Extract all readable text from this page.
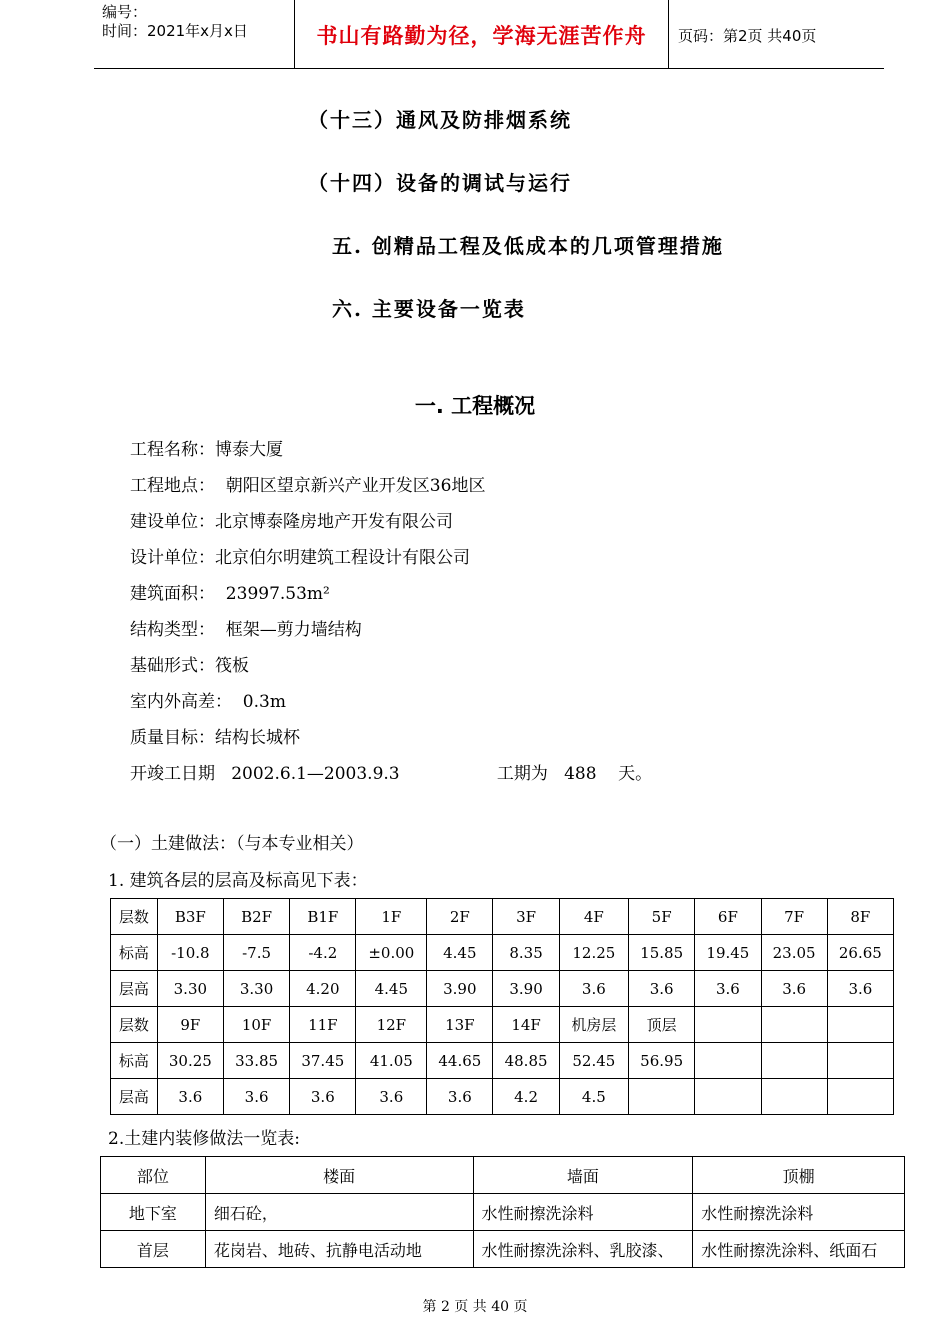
编号：
时间：2021年x月x日	书山有路勤为径，学海无涯苦作舟	页码：第2页 共40页
（十三）通风及防排烟系统
（十四）设备的调试与运行
五. 创精品工程及低成本的几项管理措施
六. 主要设备一览表
一. 工程概况
工程名称：博泰大厦
工程地点：  朝阳区望京新兴产业开发区36地区
建设单位：北京博泰隆房地产开发有限公司
设计单位：北京伯尔明建筑工程设计有限公司
建筑面积：  23997.53m²
结构类型：  框架—剪力墙结构
基础形式：筏板
室内外高差：  0.3m
质量目标：结构长城杯
开竣工日期   2002.6.1—2003.9.3                  工期为   488    天。
（一）土建做法：（与本专业相关）
1. 建筑各层的层高及标高见下表：
层数	B3F	B2F	B1F	1F	2F	3F	4F	5F	6F	7F	8F
标高	-10.8	-7.5	-4.2	±0.00	4.45	8.35	12.25	15.85	19.45	23.05	26.65
层高	3.30	3.30	4.20	4.45	3.90	3.90	3.6	3.6	3.6	3.6	3.6
层数	9F	10F	11F	12F	13F	14F	机房层	顶层			
标高	30.25	33.85	37.45	41.05	44.65	48.85	52.45	56.95			
层高	3.6	3.6	3.6	3.6	3.6	4.2	4.5				
2.土建内装修做法一览表:
部位	楼面	墙面	顶棚
地下室	细石砼，	水性耐擦洗涂料	水性耐擦洗涂料
首层	花岗岩、地砖、抗静电活动地	水性耐擦洗涂料、乳胶漆、	水性耐擦洗涂料、纸面石
第 2 页 共 40 页
